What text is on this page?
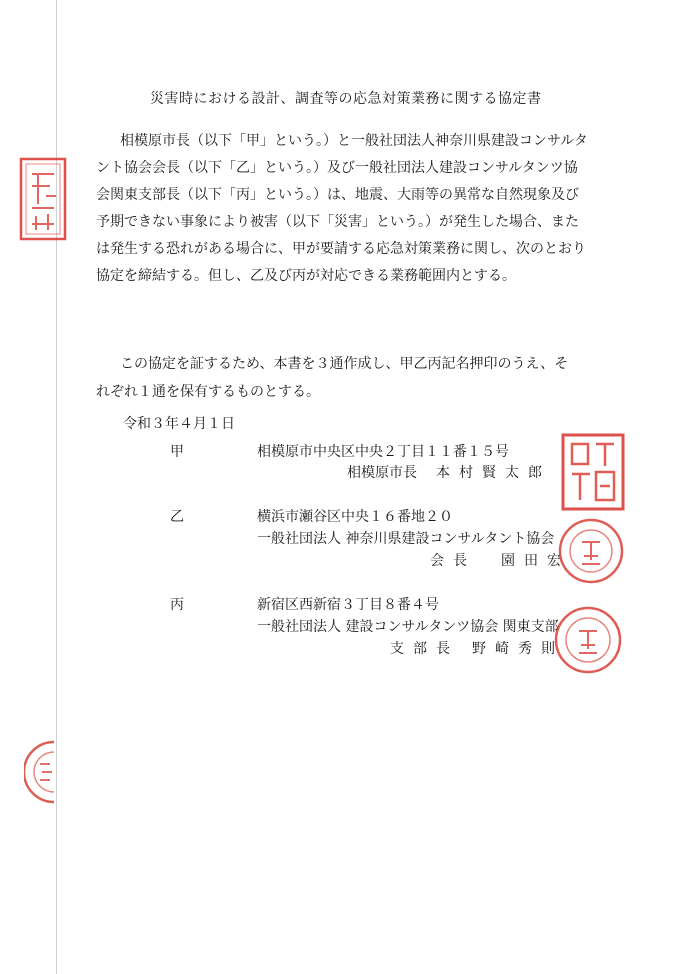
災害時における設計、調査等の応急対策業務に関する協定書
相模原市長（以下「甲」という。）と一般社団法人神奈川県建設コンサルタ
ント協会会長（以下「乙」という。）及び一般社団法人建設コンサルタンツ協
会関東支部長（以下「丙」という。）は、地震、大雨等の異常な自然現象及び
予期できない事象により被害（以下「災害」という。）が発生した場合、また
は発生する恐れがある場合に、甲が要請する応急対策業務に関し、次のとおり
協定を締結する。但し、乙及び丙が対応できる業務範囲内とする。
この協定を証するため、本書を３通作成し、甲乙丙記名押印のうえ、そ
れぞれ１通を保有するものとする。
令和３年４月１日
甲	相模原市中央区中央２丁目１１番１５号
相模原市長 本村賢太郎
乙	横浜市瀬谷区中央１６番地２０
一般社団法人 神奈川県建設コンサルタント協会
会長 園田宏
丙	新宿区西新宿３丁目８番４号
一般社団法人 建設コンサルタンツ協会 関東支部
支部長 野崎秀則
